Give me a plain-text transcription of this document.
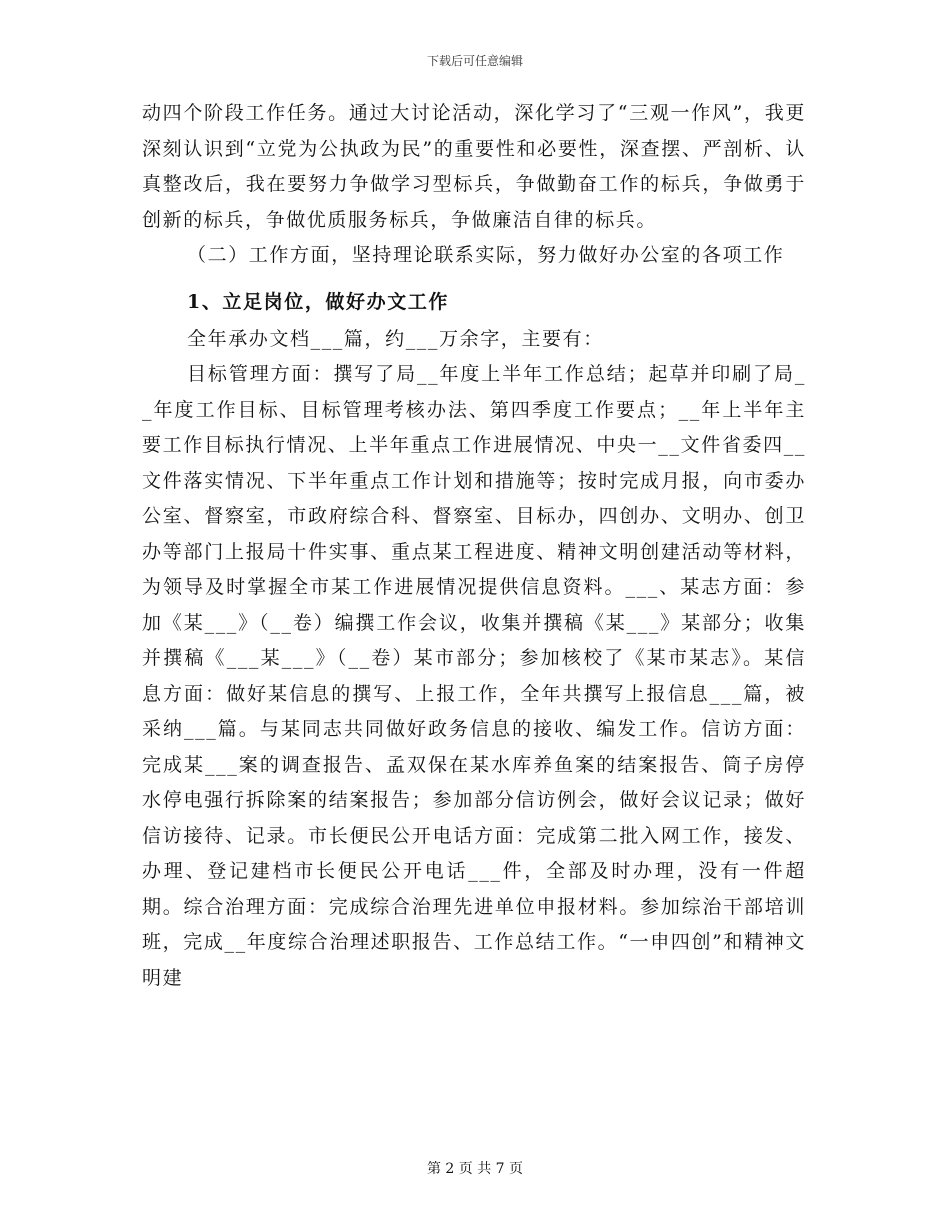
下载后可任意编辑

动四个阶段工作任务。通过大讨论活动，深化学习了“三观一作风”，我更深刻认识到“立党为公执政为民”的重要性和必要性，深查摆、严剖析、认真整改后，我在要努力争做学习型标兵，争做勤奋工作的标兵，争做勇于创新的标兵，争做优质服务标兵，争做廉洁自律的标兵。

（二）工作方面，坚持理论联系实际，努力做好办公室的各项工作

1、立足岗位，做好办文工作

全年承办文档___篇，约___万余字，主要有：

目标管理方面：撰写了局__年度上半年工作总结；起草并印刷了局__年度工作目标、目标管理考核办法、第四季度工作要点；__年上半年主要工作目标执行情况、上半年重点工作进展情况、中央一__文件省委四__文件落实情况、下半年重点工作计划和措施等；按时完成月报，向市委办公室、督察室，市政府综合科、督察室、目标办，四创办、文明办、创卫办等部门上报局十件实事、重点某工程进度、精神文明创建活动等材料，为领导及时掌握全市某工作进展情况提供信息资料。___、某志方面：参加《某___》（__卷）编撰工作会议，收集并撰稿《某___》某部分；收集并撰稿《___某___》（__卷）某市部分；参加核校了《某市某志》。某信息方面：做好某信息的撰写、上报工作，全年共撰写上报信息___篇，被采纳___篇。与某同志共同做好政务信息的接收、编发工作。信访方面：完成某___案的调查报告、孟双保在某水库养鱼案的结案报告、筒子房停水停电强行拆除案的结案报告；参加部分信访例会，做好会议记录；做好信访接待、记录。市长便民公开电话方面：完成第二批入网工作，接发、办理、登记建档市长便民公开电话___件，全部及时办理，没有一件超期。综合治理方面：完成综合治理先进单位申报材料。参加综治干部培训班，完成__年度综合治理述职报告、工作总结工作。“一申四创”和精神文明建

第 2 页 共 7 页
